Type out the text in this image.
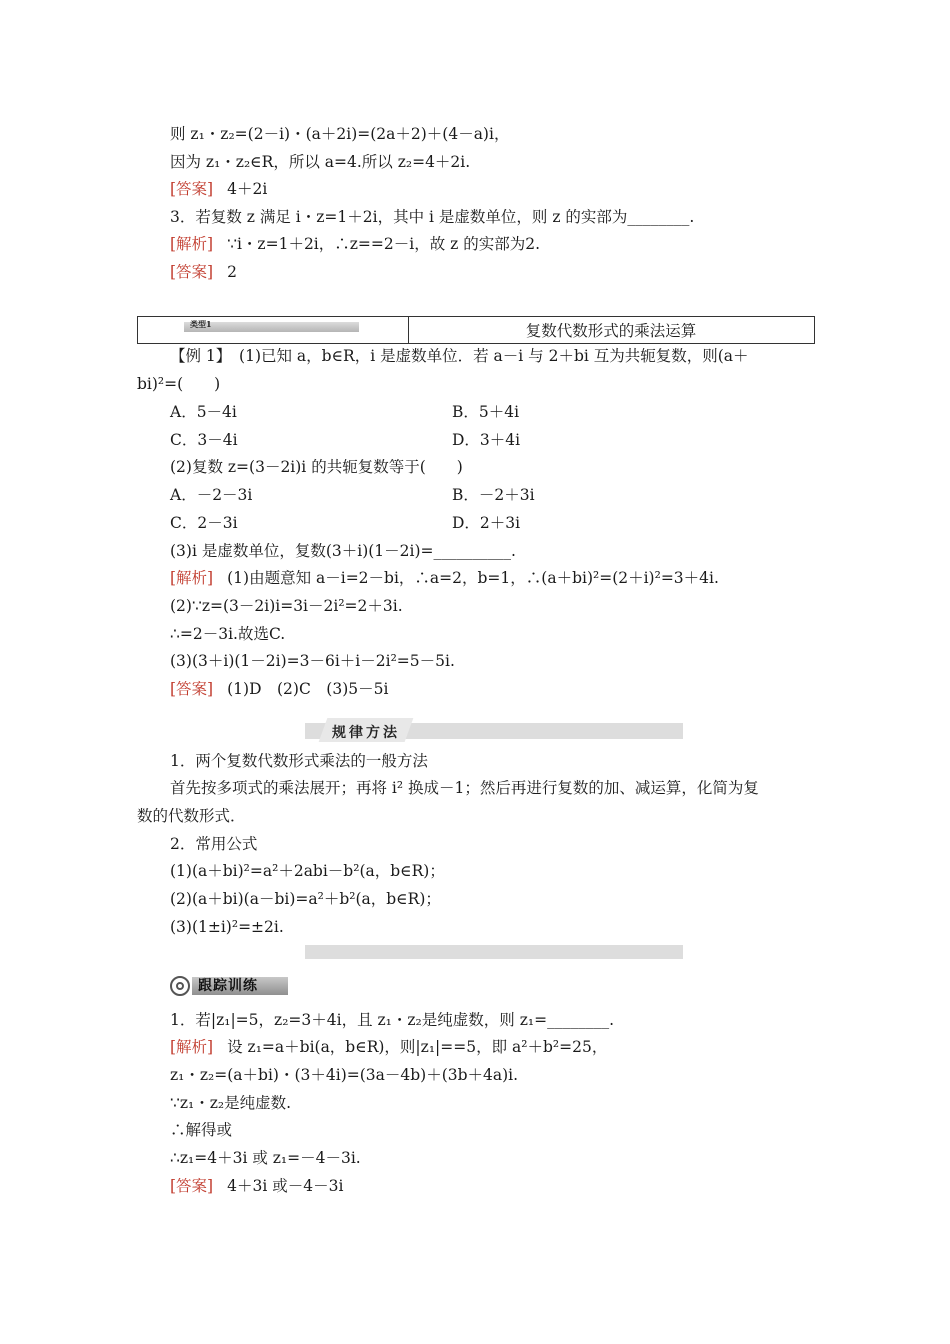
则 z₁・z₂=(2－i)・(a＋2i)=(2a＋2)＋(4－a)i，
因为 z₁・z₂∈R，所以 a=4.所以 z₂=4＋2i.
[答案] 4＋2i
3．若复数 z 满足 i・z=1＋2i，其中 i 是虚数单位，则 z 的实部为________.
[解析] ∵i・z=1＋2i，∴z==2－i，故 z 的实部为2.
[答案] 2
类型1	复数代数形式的乘法运算
【例 1】　(1)已知 a，b∈R，i 是虚数单位．若 a－i 与 2＋bi 互为共轭复数，则(a＋
bi)²=(　　)
A．5－4i	B．5＋4i
C．3－4i	D．3＋4i
(2)复数 z=(3－2i)i 的共轭复数等于(　　)
A．－2－3i	B．－2＋3i
C．2－3i	D．2＋3i
(3)i 是虚数单位，复数(3＋i)(1－2i)=__________.
[解析] (1)由题意知 a－i=2－bi，∴a=2，b=1，∴(a＋bi)²=(2＋i)²=3＋4i.
(2)∵z=(3－2i)i=3i－2i²=2＋3i.
∴=2－3i.故选C.
(3)(3＋i)(1－2i)=3－6i＋i－2i²=5－5i.
[答案] (1)D　(2)C　(3)5－5i
规律方法
1．两个复数代数形式乘法的一般方法
首先按多项式的乘法展开；再将 i² 换成－1；然后再进行复数的加、减运算，化简为复
数的代数形式．
2．常用公式
(1)(a＋bi)²=a²＋2abi－b²(a，b∈R)；
(2)(a＋bi)(a－bi)=a²＋b²(a，b∈R)；
(3)(1±i)²=±2i.
跟踪训练
1．若|z₁|=5，z₂=3＋4i，且 z₁・z₂是纯虚数，则 z₁=________.
[解析] 设 z₁=a＋bi(a，b∈R)，则|z₁|==5，即 a²＋b²=25，
z₁・z₂=(a＋bi)・(3＋4i)=(3a－4b)＋(3b＋4a)i.
∵z₁・z₂是纯虚数.
∴解得或
∴z₁=4＋3i 或 z₁=－4－3i.
[答案] 4＋3i 或－4－3i
